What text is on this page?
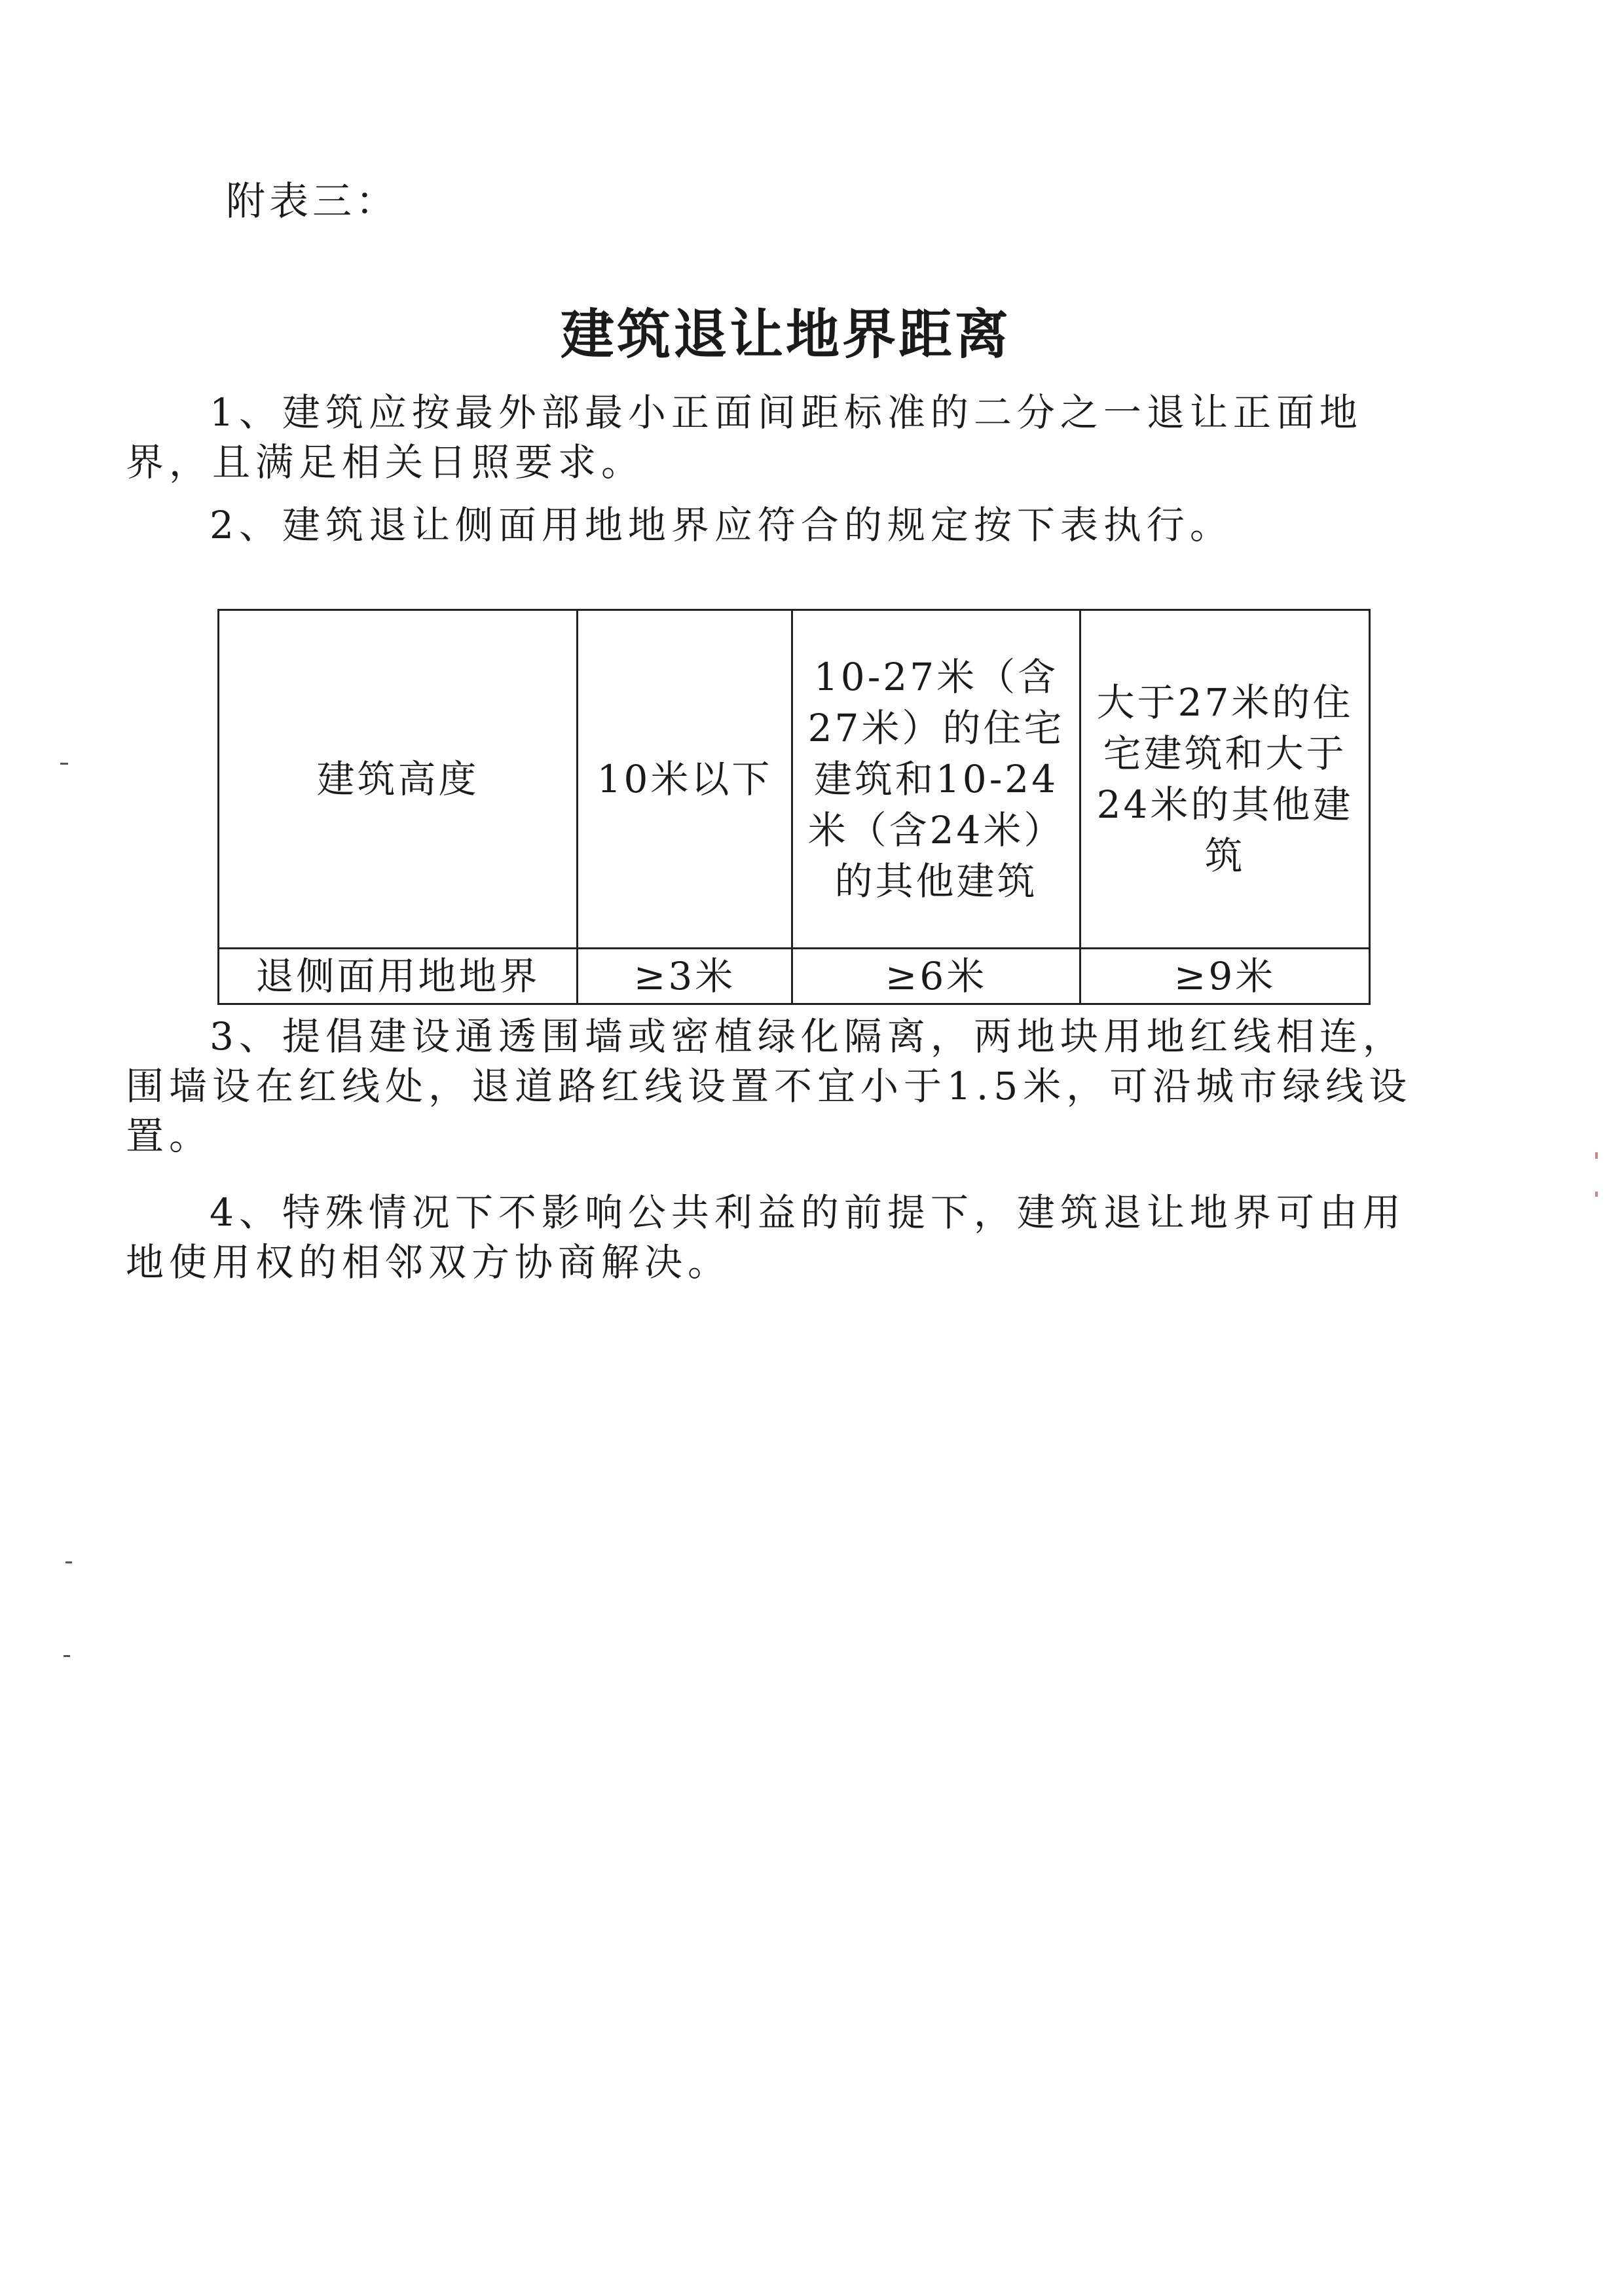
附表三：
建筑退让地界距离

1、建筑应按最外部最小正面间距标准的二分之一退让正面地界，且满足相关日照要求。

2、建筑退让侧面用地地界应符合的规定按下表执行。

建筑高度	10米以下	10-27米（含27米）的住宅建筑和10-24米（含24米）的其他建筑	大于27米的住宅建筑和大于24米的其他建筑
退侧面用地地界	≥3米	≥6米	≥9米

3、提倡建设通透围墙或密植绿化隔离，两地块用地红线相连，围墙设在红线处，退道路红线设置不宜小于1.5米，可沿城市绿线设置。

4、特殊情况下不影响公共利益的前提下，建筑退让地界可由用地使用权的相邻双方协商解决。
